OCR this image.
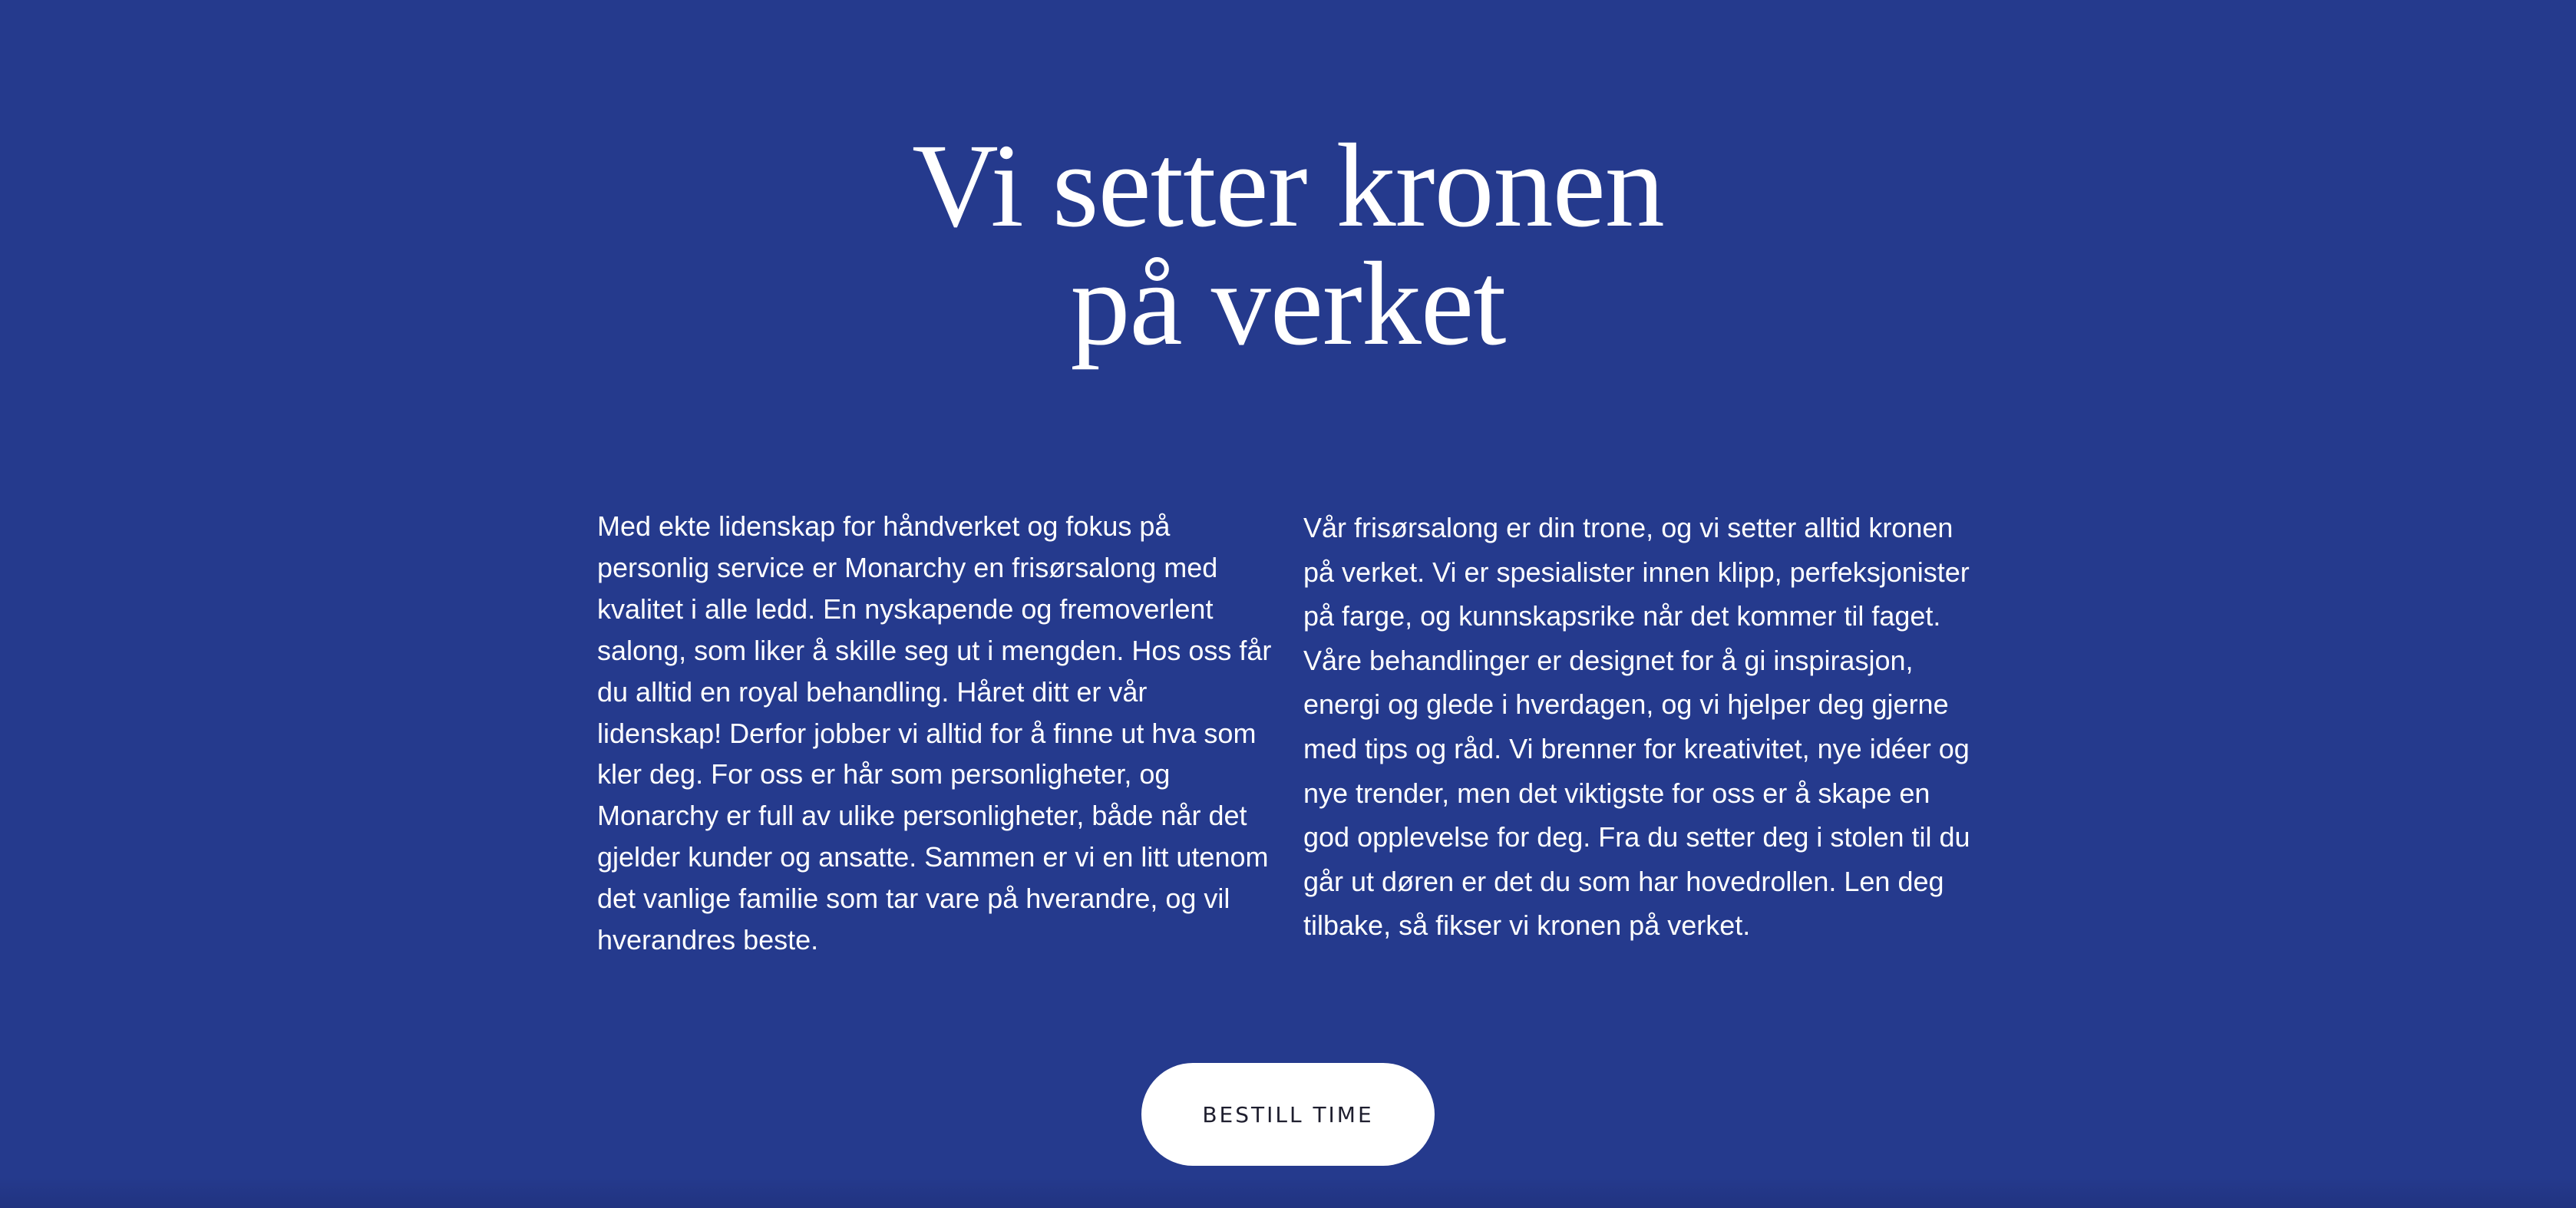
Vi setter kronen
på verket

Med ekte lidenskap for håndverket og fokus på personlig service er Monarchy en frisørsalong med kvalitet i alle ledd. En nyskapende og fremoverlent salong, som liker å skille seg ut i mengden. Hos oss får du alltid en royal behandling. Håret ditt er vår lidenskap! Derfor jobber vi alltid for å finne ut hva som kler deg. For oss er hår som personligheter, og Monarchy er full av ulike personligheter, både når det gjelder kunder og ansatte. Sammen er vi en litt utenom det vanlige familie som tar vare på hverandre, og vil hverandres beste.

Vår frisørsalong er din trone, og vi setter alltid kronen på verket. Vi er spesialister innen klipp, perfeksjonister på farge, og kunnskapsrike når det kommer til faget. Våre behandlinger er designet for å gi inspirasjon, energi og glede i hverdagen, og vi hjelper deg gjerne med tips og råd. Vi brenner for kreativitet, nye idéer og nye trender, men det viktigste for oss er å skape en god opplevelse for deg. Fra du setter deg i stolen til du går ut døren er det du som har hovedrollen. Len deg tilbake, så fikser vi kronen på verket.

BESTILL TIME
